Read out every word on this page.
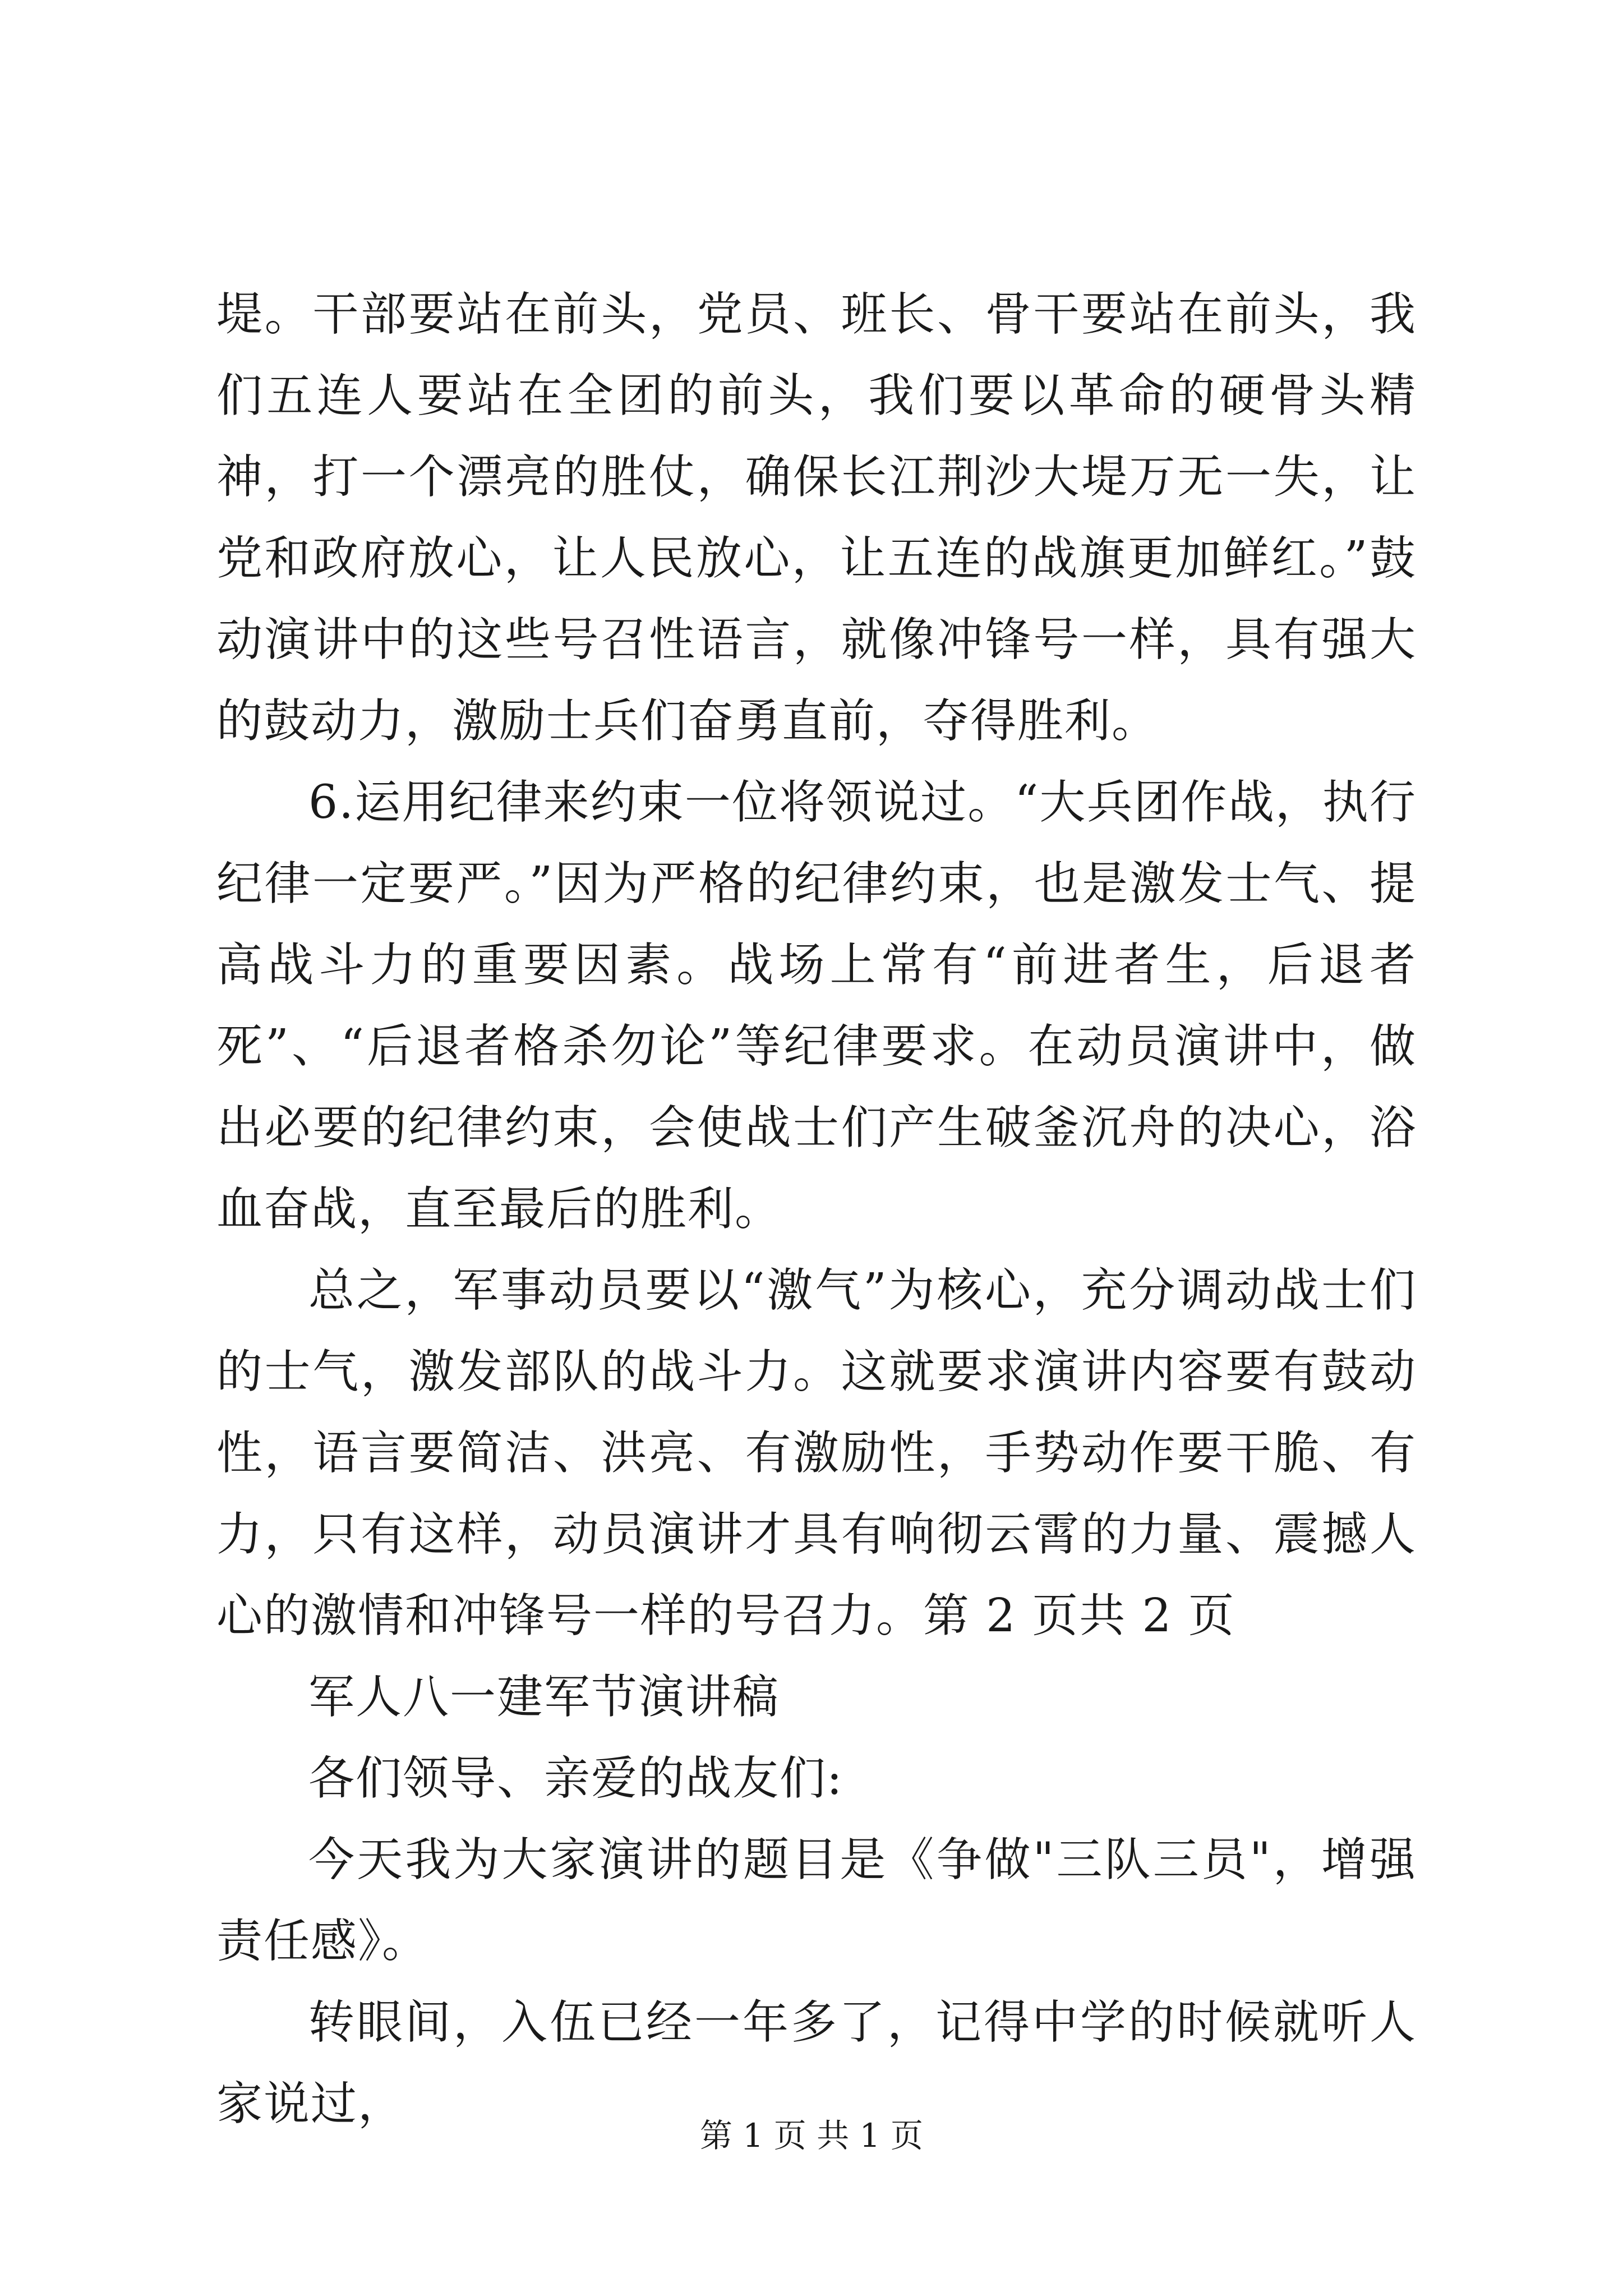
堤。干部要站在前头，党员、班长、骨干要站在前头，我们五连人要站在全团的前头，我们要以革命的硬骨头精神，打一个漂亮的胜仗，确保长江荆沙大堤万无一失，让党和政府放心，让人民放心，让五连的战旗更加鲜红。”鼓动演讲中的这些号召性语言，就像冲锋号一样，具有强大的鼓动力，激励士兵们奋勇直前，夺得胜利。

6.运用纪律来约束一位将领说过。“大兵团作战，执行纪律一定要严。”因为严格的纪律约束，也是激发士气、提高战斗力的重要因素。战场上常有“前进者生，后退者死”、“后退者格杀勿论”等纪律要求。在动员演讲中，做出必要的纪律约束，会使战士们产生破釜沉舟的决心，浴血奋战，直至最后的胜利。

总之，军事动员要以“激气”为核心，充分调动战士们的士气，激发部队的战斗力。这就要求演讲内容要有鼓动性，语言要简洁、洪亮、有激励性，手势动作要干脆、有力，只有这样，动员演讲才具有响彻云霄的力量、震撼人心的激情和冲锋号一样的号召力。第 2 页共 2 页

军人八一建军节演讲稿

各们领导、亲爱的战友们:

今天我为大家演讲的题目是《争做"三队三员"，增强责任感》。

转眼间，入伍已经一年多了，记得中学的时候就听人家说过，

第 1 页 共 1 页
